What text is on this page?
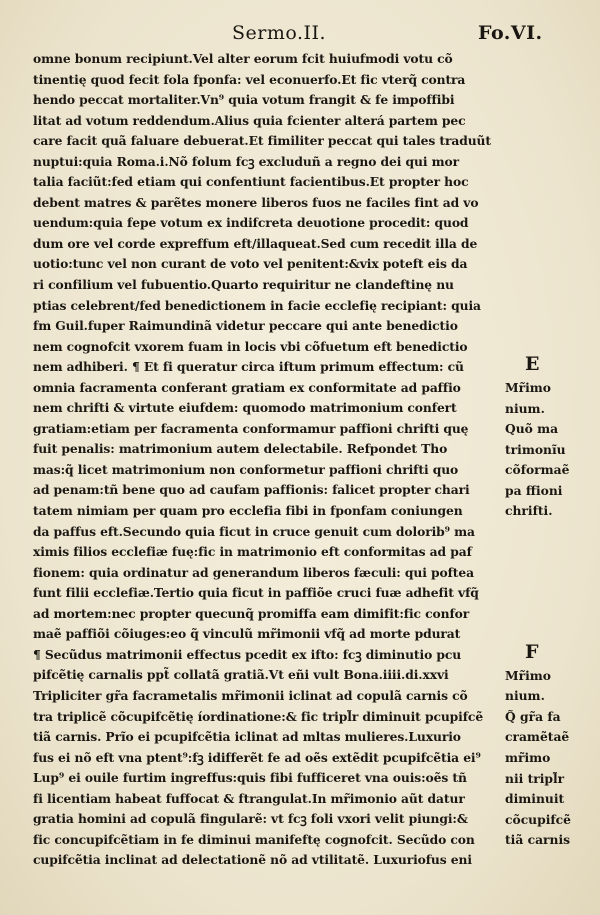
Sermo.II.	Fo.VI.
omne bonum recipiunt.Vel alter eorum fcit huiufmodi votu cõ
tinentię quod fecit fola fponfa: vel econuerfo.Et fic vterq̃ contra
hendo peccat mortaliter.Vn⁹ quia votum frangit & fe impoffibi
litat ad votum reddendum.Alius quia fcienter alterá partem pec
care facit quã faluare debuerat.Et fimiliter peccat qui tales traduũt
nuptui:quia Roma.i.Nõ folum fcꝫ excluduñ a regno dei qui mor
talia faciũt:fed etiam qui confentiunt facientibus.Et propter hoc
debent matres & parẽtes monere liberos fuos ne faciles fint ad vo
uendum:quia fepe votum ex indifcreta deuotione procedit: quod
dum ore vel corde expreffum eft/illaqueat.Sed cum recedit illa de
uotio:tunc vel non curant de voto vel penitent:&vix poteft eis da
ri confilium vel fubuentio.Quarto requiritur ne clandeftinę nu
ptias celebrent/fed benedictionem in facie ecclefię recipiant: quia
fm Guil.fuper Raimundinã videtur peccare qui ante benedictio
nem cognofcit vxorem fuam in locis vbi cõfuetum eft benedictio
nem adhiberi. ¶ Et fi queratur circa iftum primum effectum: cũ
omnia facramenta conferant gratiam ex conformitate ad paffio
nem chrifti & virtute eiufdem: quomodo matrimonium confert
gratiam:etiam per facramenta conformamur paffioni chrifti quę
fuit penalis: matrimonium autem delectabile. Refpondet Tho
mas:q̃ licet matrimonium non conformetur paffioni chrifti quo
ad penam:tñ bene quo ad caufam paffionis: falicet propter chari
tatem nimiam per quam pro ecclefia fibi in fponfam coniungen
da paffus eft.Secundo quia ficut in cruce genuit cum dolorib⁹ ma
ximis filios ecclefiæ fuę:fic in matrimonio eft conformitas ad paf
fionem: quia ordinatur ad generandum liberos fæculi: qui poftea
funt filii ecclefiæ.Tertio quia ficut in paffiõe cruci fuæ adhefit vfq̃
ad mortem:nec propter quecunq̃ promiffa eam dimifit:fic confor
maẽ paffiõi cõiuges:eo q̃ vinculũ mr̃imonii vfq̃ ad morte pdurat
¶ Secũdus matrimonii effectus pcedit ex ifto: fcꝫ diminutio pcu
pifcẽtię carnalis ppt̃ collatã gratiã.Vt eñi vult Bona.iiii.di.xxvi
Tripliciter gr̃a facrametalis mr̃imonii iclinat ad copulã carnis cõ
tra triplicẽ cõcupifcẽtię íordinatione:& fic tripl̃r diminuit pcupifcẽ
tiã carnis. Prĩo ei pcupifcẽtia iclinat ad mltas mulieres.Luxurio
fus ei nõ eft vna ptent⁹:fꝫ idifferẽt fe ad oẽs extẽdit pcupifcẽtia ei⁹
Lup⁹ ei ouile furtim ingreffus:quis fibi fufficeret vna ouis:oẽs tñ
fi licentiam habeat fuffocat & ftrangulat.In mr̃imonio aũt datur
gratia homini ad copulã fingularẽ: vt fcꝫ foli vxori velit piungi:&
fic concupifcẽtiam in fe diminui manifeftę cognofcit. Secũdo con
cupifcẽtia inclinat ad delectationẽ nõ ad vtilitatẽ. Luxuriofus eni
E
Mr̃imo
nium.
Quõ ma
trimonĩu
cõformaẽ
pa ffioni
chrifti.
F
Mr̃imo
nium.
Q̃ gr̃a fa
cramẽtaẽ
mr̃imo
nii tripl̃r
diminuit
cõcupifcẽ
tiã carnis
